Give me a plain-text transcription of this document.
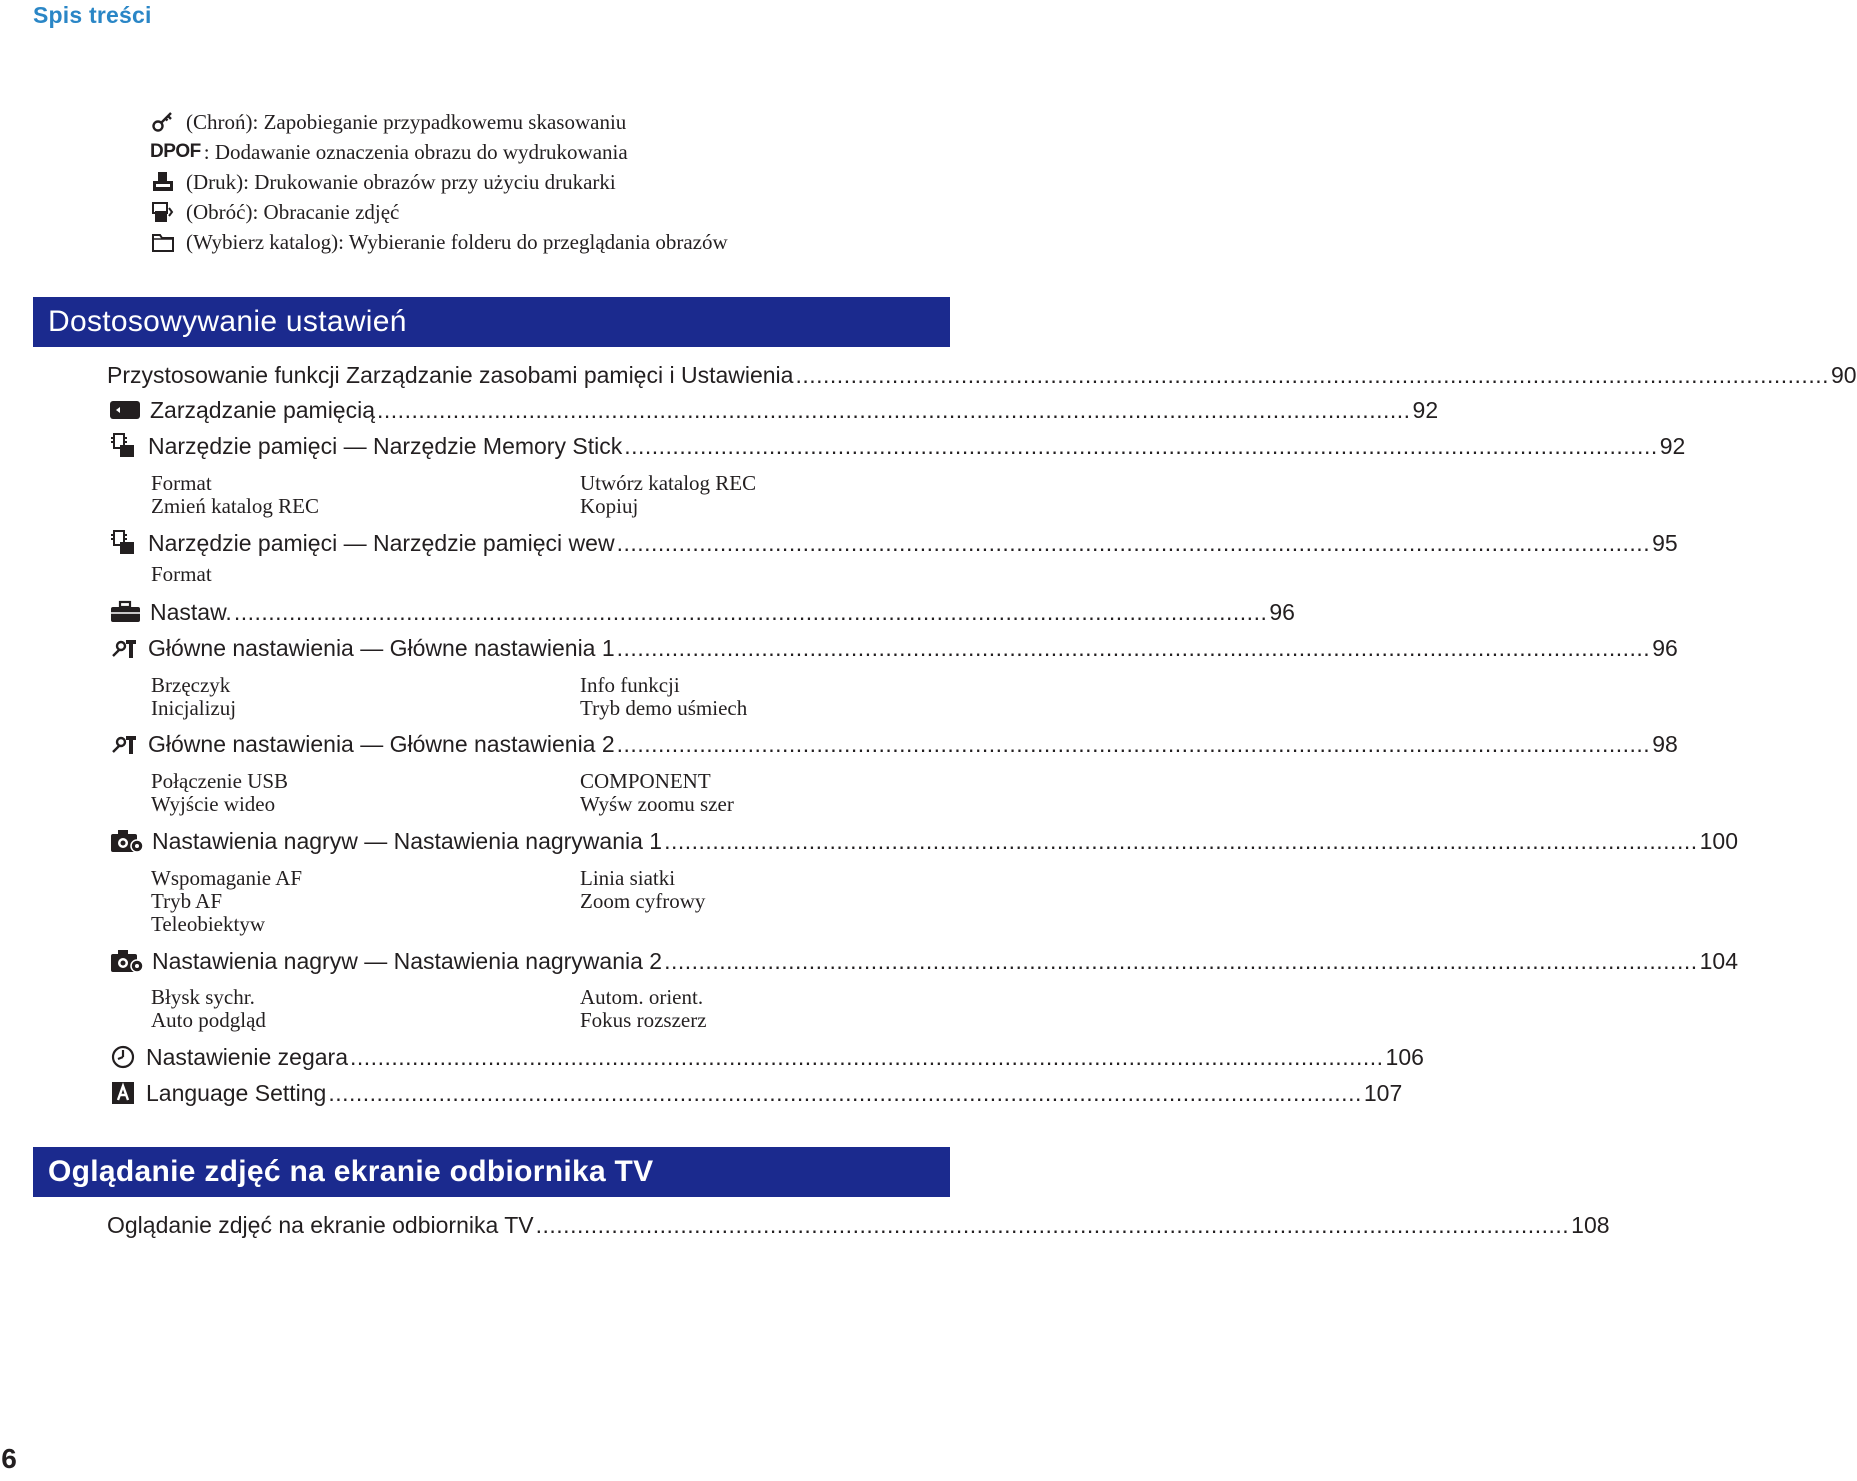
Spis treści
(Chroń): Zapobieganie przypadkowemu skasowaniu
DPOF : Dodawanie oznaczenia obrazu do wydrukowania
(Druk): Drukowanie obrazów przy użyciu drukarki
(Obróć): Obracanie zdjęć
(Wybierz katalog): Wybieranie folderu do przeglądania obrazów
Dostosowywanie ustawień
Przystosowanie funkcji Zarządzanie zasobami pamięci i Ustawienia ...................................................................................................................................................... 90
Zarządzanie pamięcią ...................................................................................................................................................... 92
Narzędzie pamięci — Narzędzie Memory Stick ...................................................................................................................................................... 92
Format	Utwórz katalog REC
Zmień katalog REC	Kopiuj
Narzędzie pamięci — Narzędzie pamięci wew ...................................................................................................................................................... 95
Format
Nastaw. ...................................................................................................................................................... 96
Główne nastawienia — Główne nastawienia 1 ...................................................................................................................................................... 96
Brzęczyk	Info funkcji
Inicjalizuj	Tryb demo uśmiech
Główne nastawienia — Główne nastawienia 2 ...................................................................................................................................................... 98
Połączenie USB	COMPONENT
Wyjście wideo	Wyśw zoomu szer
Nastawienia nagryw — Nastawienia nagrywania 1 ...................................................................................................................................................... 100
Wspomaganie AF	Linia siatki
Tryb AF	Zoom cyfrowy
Teleobiektyw
Nastawienia nagryw — Nastawienia nagrywania 2 ...................................................................................................................................................... 104
Błysk sychr.	Autom. orient.
Auto podgląd	Fokus rozszerz
Nastawienie zegara ...................................................................................................................................................... 106
Language Setting ...................................................................................................................................................... 107
Oglądanie zdjęć na ekranie odbiornika TV
Oglądanie zdjęć na ekranie odbiornika TV ...................................................................................................................................................... 108
6
